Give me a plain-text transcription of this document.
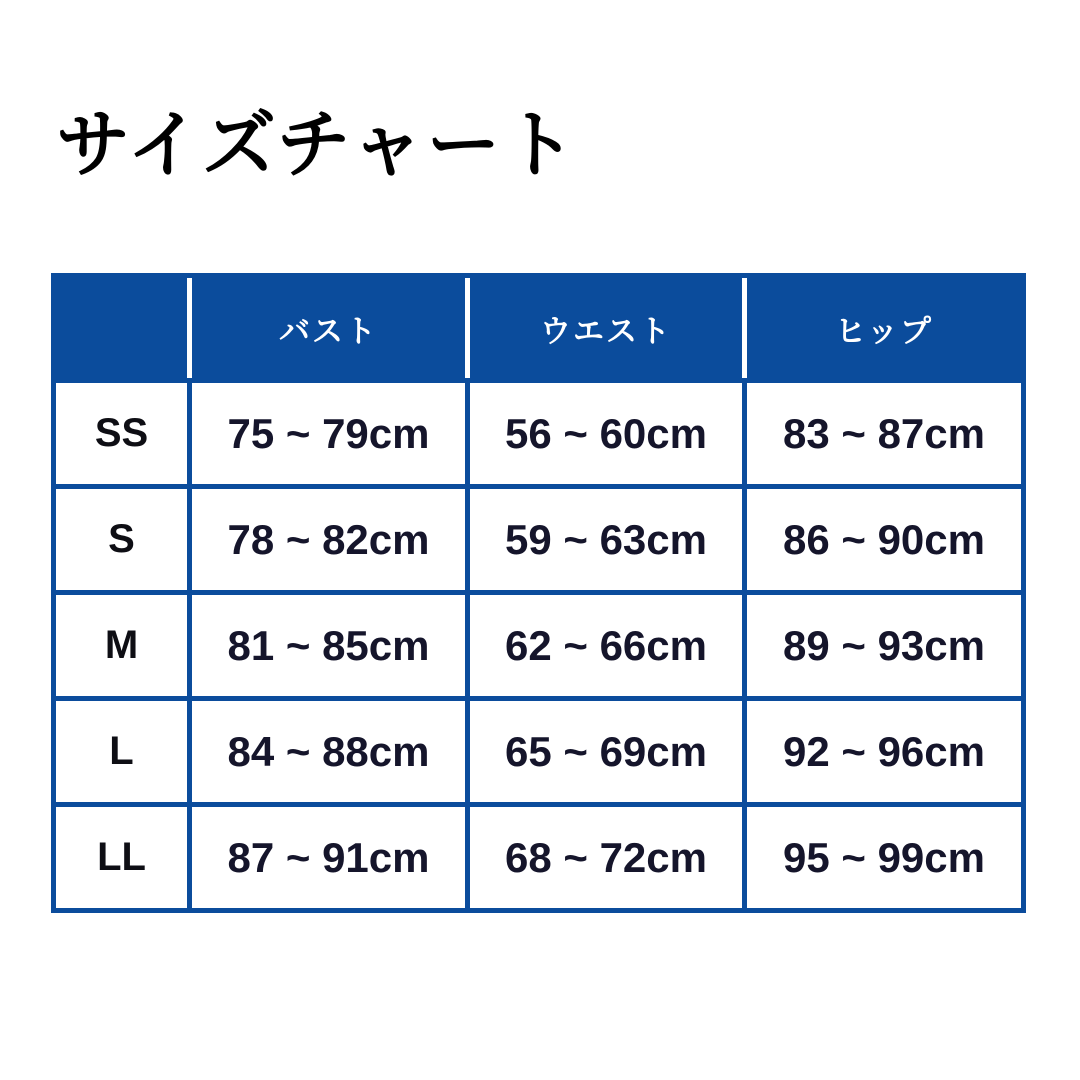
サイズチャート
	バスト	ウエスト	ヒップ
SS	75 ~ 79cm	56 ~ 60cm	83 ~ 87cm
S	78 ~ 82cm	59 ~ 63cm	86 ~ 90cm
M	81 ~ 85cm	62 ~ 66cm	89 ~ 93cm
L	84 ~ 88cm	65 ~ 69cm	92 ~ 96cm
LL	87 ~ 91cm	68 ~ 72cm	95 ~ 99cm
